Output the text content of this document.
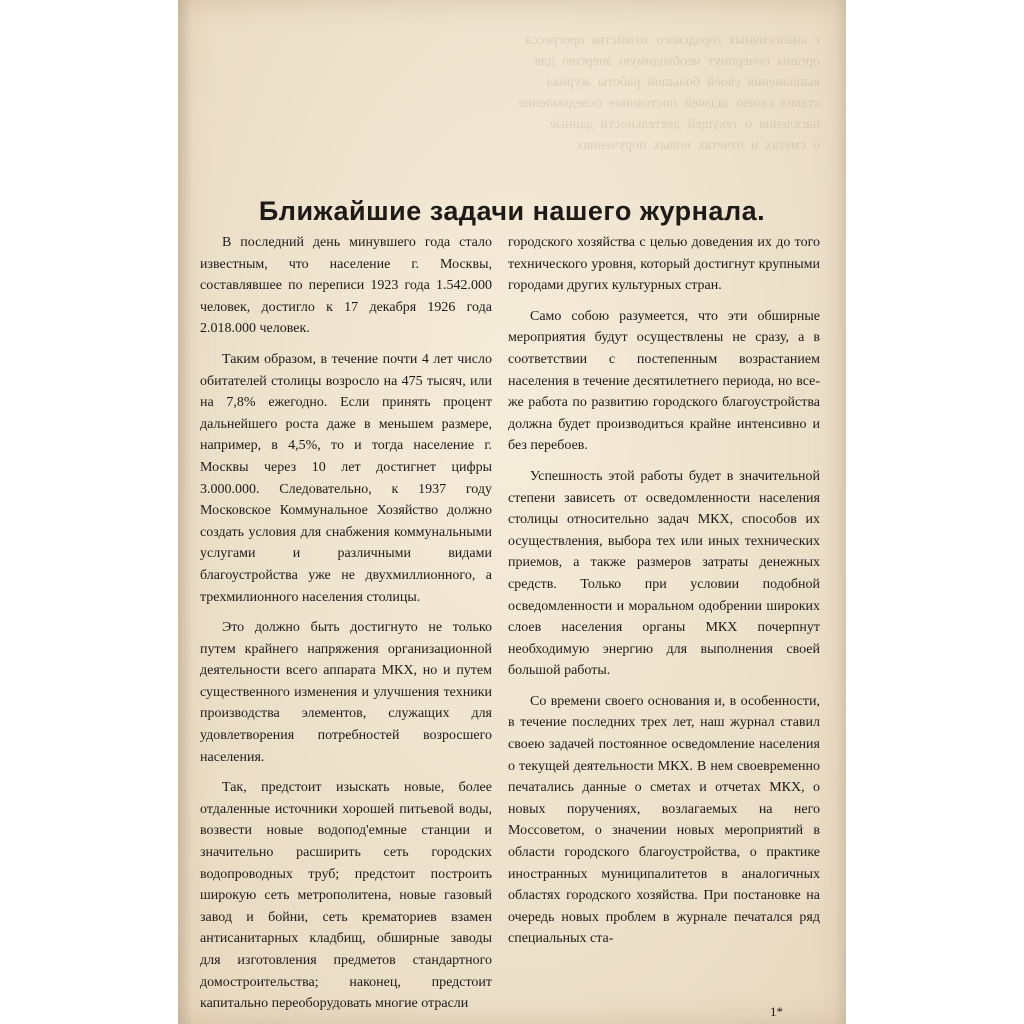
с  аналогичных  городского  хозяйства  прогресса
органы  почерпнут  необходимую  энергию  для
выполнения  своей  большой  работы  журнал
ставил  своею  задачей  постоянное  осведомление
населения  о  текущей  деятельности  данные
о  сметах  и  отчетах  новых  поручениях
Ближайшие задачи нашего журнала.

В последний день минувшего года стало известным, что население г. Москвы, составлявшее по переписи 1923 года 1.542.000 человек, достигло к 17 декабря 1926 года 2.018.000 человек.

Таким образом, в течение почти 4 лет число обитателей столицы возросло на 475 тысяч, или на 7,8% ежегодно. Если принять процент дальнейшего роста даже в меньшем размере, например, в 4,5%, то и тогда население г. Москвы через 10 лет достигнет цифры 3.000.000. Следовательно, к 1937 году Московское Коммунальное Хозяйство должно создать условия для снабжения коммунальными услугами и различными видами благоустройства уже не двухмиллионного, а трехмилионного населения столицы.

Это должно быть достигнуто не только путем крайнего напряжения организационной деятельности всего аппарата МКХ, но и путем существенного изменения и улучшения техники производства элементов, служащих для удовлетворения потребностей возросшего населения.

Так, предстоит изыскать новые, более отдаленные источники хорошей питьевой воды, возвести новые водопод'емные станции и значительно расширить сеть городских водопроводных труб; предстоит построить широкую сеть метрополитена, новые газовый завод и бойни, сеть крематориев взамен антисанитарных кладбищ, обширные заводы для изготовления предметов стандартного домостроительства; наконец, предстоит капитально переоборудовать многие отрасли

городского хозяйства с целью доведения их до того технического уровня, который достигнут крупными городами других культурных стран.

Само собою разумеется, что эти обширные мероприятия будут осуществлены не сразу, а в соответствии с постепенным возрастанием населения в течение десятилетнего периода, но все-же работа по развитию городского благоустройства должна будет производиться крайне интенсивно и без перебоев.

Успешность этой работы будет в значительной степени зависеть от осведомленности населения столицы относительно задач МКХ, способов их осуществления, выбора тех или иных технических приемов, а также размеров затраты денежных средств. Только при условии подобной осведомленности и моральном одобрении широких слоев населения органы МКХ почерпнут необходимую энергию для выполнения своей большой работы.

Со времени своего основания и, в особенности, в течение последних трех лет, наш журнал ставил своею задачей постоянное осведомление населения о текущей деятельности МКХ. В нем своевременно печатались данные о сметах и отчетах МКХ, о новых поручениях, возлагаемых на него Моссоветом, о значении новых мероприятий в области городского благоустройства, о практике иностранных муниципалитетов в аналогичных областях городского хозяйства. При постановке на очередь новых проблем в журнале печатался ряд специальных ста-

1*
